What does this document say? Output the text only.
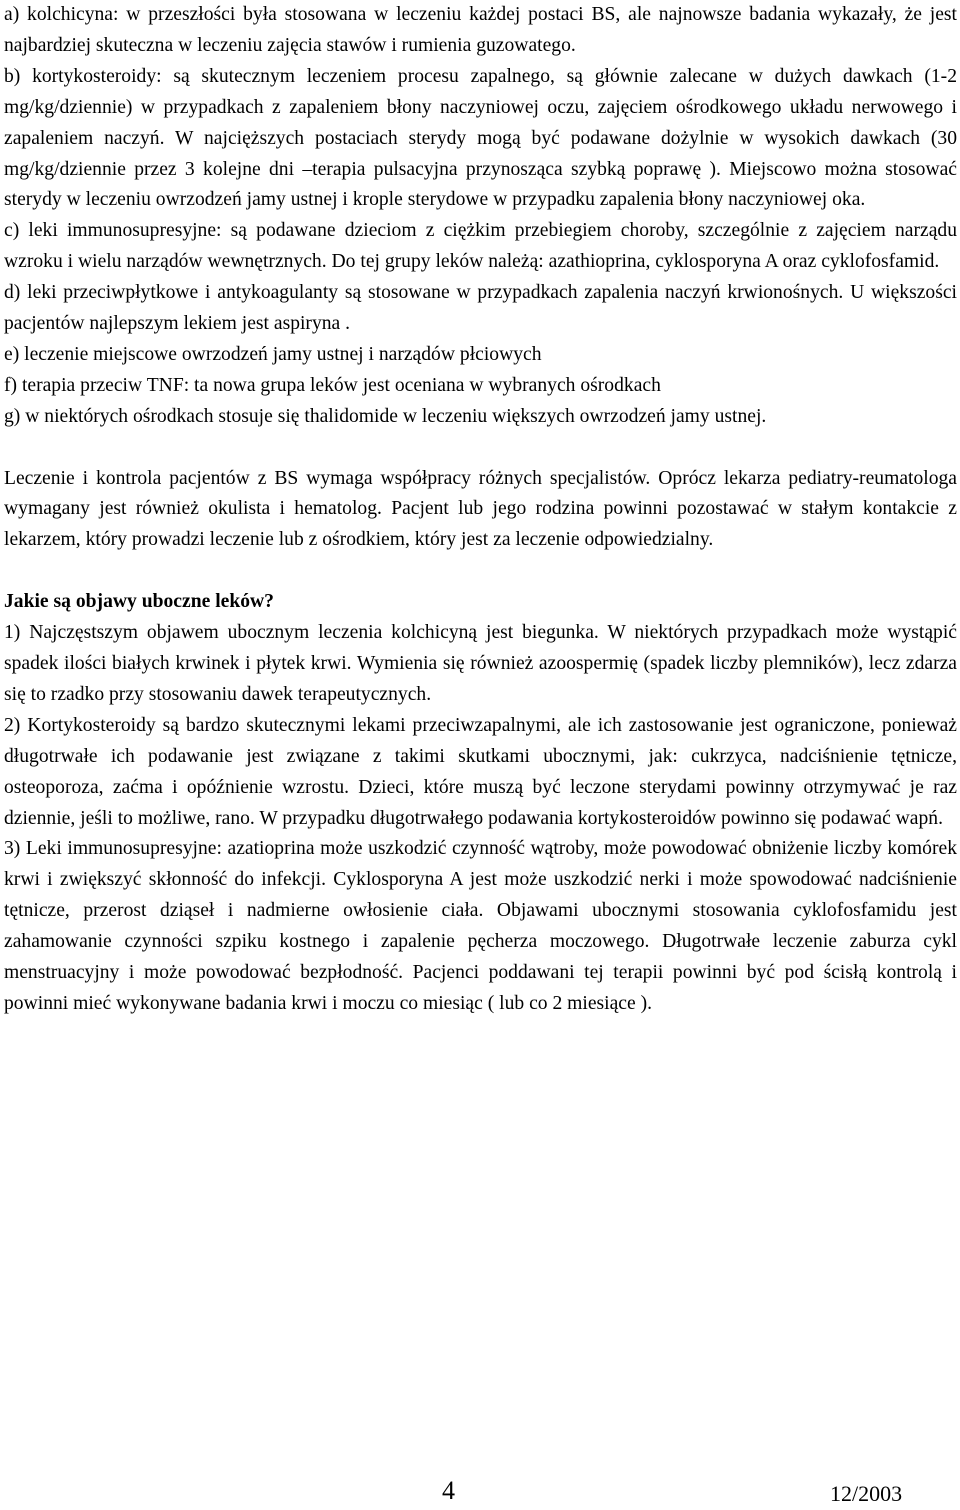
a) kolchicyna: w przeszłości była stosowana w leczeniu każdej postaci BS, ale najnowsze badania wykazały, że jest najbardziej skuteczna w leczeniu zajęcia stawów i rumienia guzowatego.

b) kortykosteroidy: są skutecznym leczeniem procesu zapalnego, są głównie zalecane w dużych dawkach (1-2 mg/kg/dziennie) w przypadkach z zapaleniem błony naczyniowej oczu, zajęciem ośrodkowego układu nerwowego i zapaleniem naczyń. W najcięższych postaciach sterydy mogą być podawane dożylnie w wysokich dawkach (30 mg/kg/dziennie przez 3 kolejne dni –terapia pulsacyjna przynosząca szybką poprawę ). Miejscowo można stosować sterydy w leczeniu owrzodzeń jamy ustnej i krople sterydowe w przypadku zapalenia błony naczyniowej oka.

c) leki immunosupresyjne: są podawane dzieciom z ciężkim przebiegiem choroby, szczególnie z zajęciem narządu wzroku i wielu narządów wewnętrznych. Do tej grupy leków należą: azathioprina, cyklosporyna A oraz cyklofosfamid.

d) leki przeciwpłytkowe i antykoagulanty są stosowane w przypadkach zapalenia naczyń krwionośnych. U większości pacjentów najlepszym lekiem jest aspiryna .

e) leczenie miejscowe owrzodzeń jamy ustnej i narządów płciowych

f) terapia przeciw TNF: ta nowa grupa leków jest oceniana w wybranych ośrodkach

g) w niektórych ośrodkach stosuje się thalidomide w leczeniu większych owrzodzeń jamy ustnej.

Leczenie i kontrola pacjentów z BS wymaga współpracy różnych specjalistów. Oprócz lekarza pediatry-reumatologa wymagany jest również okulista i hematolog. Pacjent lub jego rodzina powinni pozostawać w stałym kontakcie z lekarzem, który prowadzi leczenie lub z ośrodkiem, który jest za leczenie odpowiedzialny.

Jakie są objawy uboczne leków?

1) Najczęstszym objawem ubocznym leczenia kolchicyną jest biegunka. W niektórych przypadkach może wystąpić spadek ilości białych krwinek i płytek krwi. Wymienia się również azoospermię (spadek liczby plemników), lecz zdarza się to rzadko przy stosowaniu dawek terapeutycznych.

2) Kortykosteroidy są bardzo skutecznymi lekami przeciwzapalnymi, ale ich zastosowanie jest ograniczone, ponieważ długotrwałe ich podawanie jest związane z takimi skutkami ubocznymi, jak: cukrzyca, nadciśnienie tętnicze, osteoporoza, zaćma i opóźnienie wzrostu. Dzieci, które muszą być leczone sterydami powinny otrzymywać je raz dziennie, jeśli to możliwe, rano. W przypadku długotrwałego podawania kortykosteroidów powinno się podawać wapń.

3) Leki immunosupresyjne: azatioprina może uszkodzić czynność wątroby, może powodować obniżenie liczby komórek krwi i zwiększyć skłonność do infekcji. Cyklosporyna A jest może uszkodzić nerki i może spowodować nadciśnienie tętnicze, przerost dziąseł i nadmierne owłosienie ciała. Objawami ubocznymi stosowania cyklofosfamidu jest zahamowanie czynności szpiku kostnego i zapalenie pęcherza moczowego. Długotrwałe leczenie zaburza cykl menstruacyjny i może powodować bezpłodność. Pacjenci poddawani tej terapii powinni być pod ścisłą kontrolą i powinni mieć wykonywane badania krwi i moczu co miesiąc ( lub co 2 miesiące ).

4	12/2003
